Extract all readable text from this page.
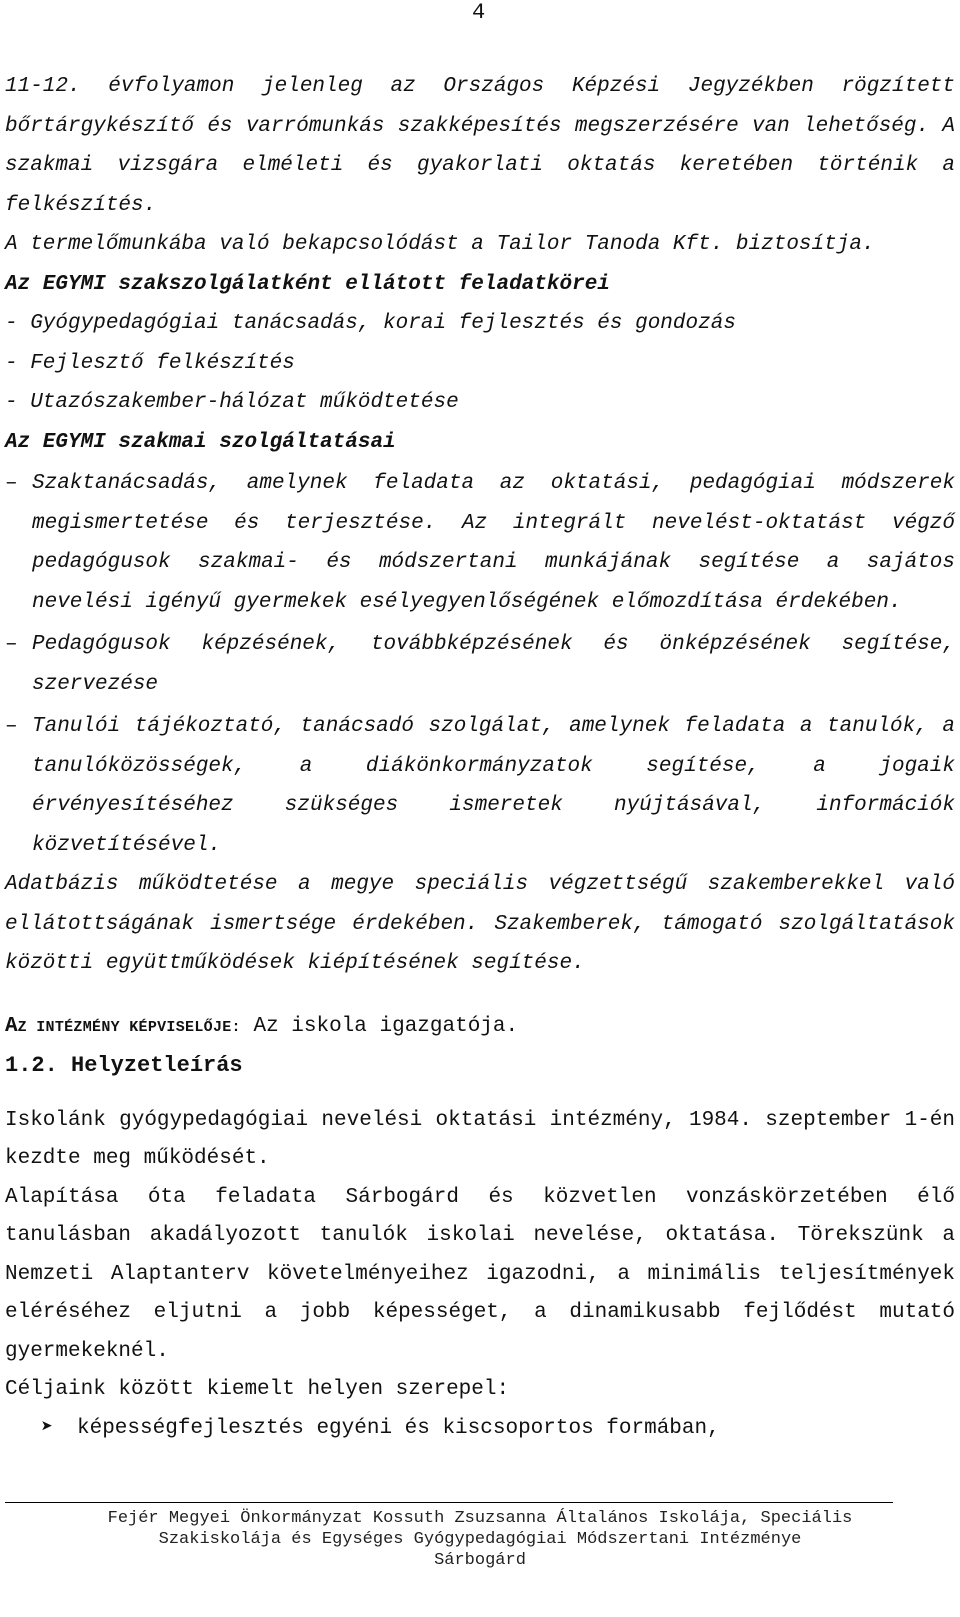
4

11-12. évfolyamon jelenleg az Országos Képzési Jegyzékben rögzített bőrtárgykészítő és varrómunkás szakképesítés megszerzésére van lehetőség. A szakmai vizsgára elméleti és gyakorlati oktatás keretében történik a felkészítés.

A termelőmunkába való bekapcsolódást a Tailor Tanoda Kft. biztosítja.

Az EGYMI szakszolgálatként ellátott feladatkörei

- Gyógypedagógiai tanácsadás, korai fejlesztés és gondozás

- Fejlesztő felkészítés

- Utazószakember-hálózat működtetése

Az EGYMI szakmai szolgáltatásai

– Szaktanácsadás, amelynek feladata az oktatási, pedagógiai módszerek megismertetése és terjesztése. Az integrált nevelést-oktatást végző pedagógusok szakmai- és módszertani munkájának segítése a sajátos nevelési igényű gyermekek esélyegyenlőségének előmozdítása érdekében.

– Pedagógusok képzésének, továbbképzésének és önképzésének segítése, szervezése

– Tanulói tájékoztató, tanácsadó szolgálat, amelynek feladata a tanulók, a tanulóközösségek, a diákönkormányzatok segítése, a jogaik érvényesítéséhez szükséges ismeretek nyújtásával, információk közvetítésével.

Adatbázis működtetése a megye speciális végzettségű szakemberekkel való ellátottságának ismertsége érdekében. Szakemberek, támogató szolgáltatások közötti együttműködések kiépítésének segítése.

AZ INTÉZMÉNY KÉPVISELŐJE: Az iskola igazgatója.

1.2. Helyzetleírás

Iskolánk gyógypedagógiai nevelési oktatási intézmény, 1984. szeptember 1-én kezdte meg működését.

Alapítása óta feladata Sárbogárd és közvetlen vonzáskörzetében élő tanulásban akadályozott tanulók iskolai nevelése, oktatása. Törekszünk a Nemzeti Alaptanterv követelményeihez igazodni, a minimális teljesítmények eléréséhez eljutni a jobb képességet, a dinamikusabb fejlődést mutató gyermekeknél.

Céljaink között kiemelt helyen szerepel:

➤ képességfejlesztés egyéni és kiscsoportos formában,

Fejér Megyei Önkormányzat Kossuth Zsuzsanna Általános Iskolája, Speciális
Szakiskolája és Egységes Gyógypedagógiai Módszertani Intézménye
Sárbogárd
